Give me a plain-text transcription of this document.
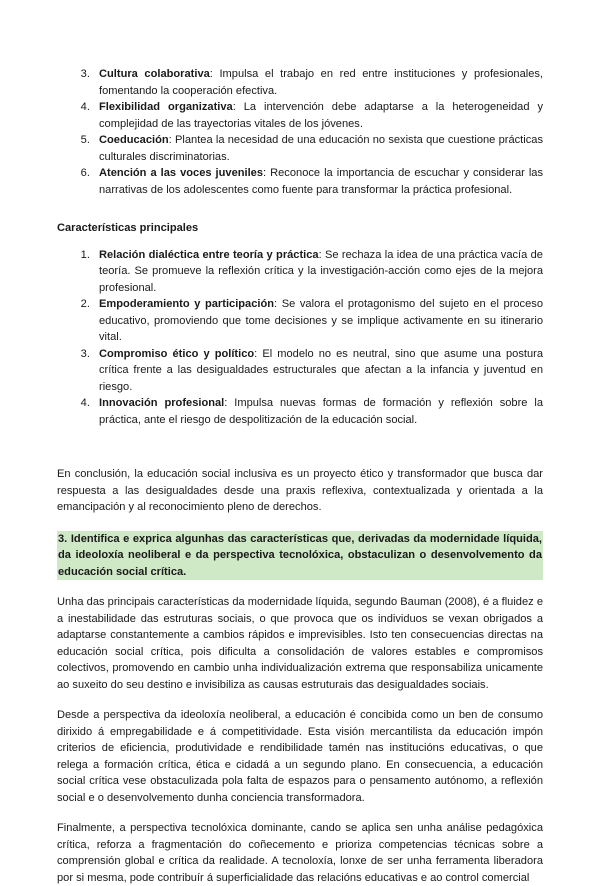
3. Cultura colaborativa: Impulsa el trabajo en red entre instituciones y profesionales, fomentando la cooperación efectiva.
4. Flexibilidad organizativa: La intervención debe adaptarse a la heterogeneidad y complejidad de las trayectorias vitales de los jóvenes.
5. Coeducación: Plantea la necesidad de una educación no sexista que cuestione prácticas culturales discriminatorias.
6. Atención a las voces juveniles: Reconoce la importancia de escuchar y considerar las narrativas de los adolescentes como fuente para transformar la práctica profesional.

Características principales

1. Relación dialéctica entre teoría y práctica: Se rechaza la idea de una práctica vacía de teoría. Se promueve la reflexión crítica y la investigación-acción como ejes de la mejora profesional.
2. Empoderamiento y participación: Se valora el protagonismo del sujeto en el proceso educativo, promoviendo que tome decisiones y se implique activamente en su itinerario vital.
3. Compromiso ético y político: El modelo no es neutral, sino que asume una postura crítica frente a las desigualdades estructurales que afectan a la infancia y juventud en riesgo.
4. Innovación profesional: Impulsa nuevas formas de formación y reflexión sobre la práctica, ante el riesgo de despolitización de la educación social.

En conclusión, la educación social inclusiva es un proyecto ético y transformador que busca dar respuesta a las desigualdades desde una praxis reflexiva, contextualizada y orientada a la emancipación y al reconocimiento pleno de derechos.

3. Identifica e exprica algunhas das características que, derivadas da modernidade líquida, da ideoloxía neoliberal e da perspectiva tecnolóxica, obstaculizan o desenvolvemento da educación social crítica.

Unha das principais características da modernidade líquida, segundo Bauman (2008), é a fluidez e a inestabilidade das estruturas sociais, o que provoca que os individuos se vexan obrigados a adaptarse constantemente a cambios rápidos e imprevisibles. Isto ten consecuencias directas na educación social crítica, pois dificulta a consolidación de valores estables e compromisos colectivos, promovendo en cambio unha individualización extrema que responsabiliza unicamente ao suxeito do seu destino e invisibiliza as causas estruturais das desigualdades sociais.

Desde a perspectiva da ideoloxía neoliberal, a educación é concibida como un ben de consumo dirixido á empregabilidade e á competitividade. Esta visión mercantilista da educación impón criterios de eficiencia, produtividade e rendibilidade tamén nas institucións educativas, o que relega a formación crítica, ética e cidadá a un segundo plano. En consecuencia, a educación social crítica vese obstaculizada pola falta de espazos para o pensamento autónomo, a reflexión social e o desenvolvemento dunha conciencia transformadora.

Finalmente, a perspectiva tecnolóxica dominante, cando se aplica sen unha análise pedagóxica crítica, reforza a fragmentación do coñecemento e prioriza competencias técnicas sobre a comprensión global e crítica da realidade. A tecnoloxía, lonxe de ser unha ferramenta liberadora por si mesma, pode contribuír á superficialidade das relacións educativas e ao control comercial
